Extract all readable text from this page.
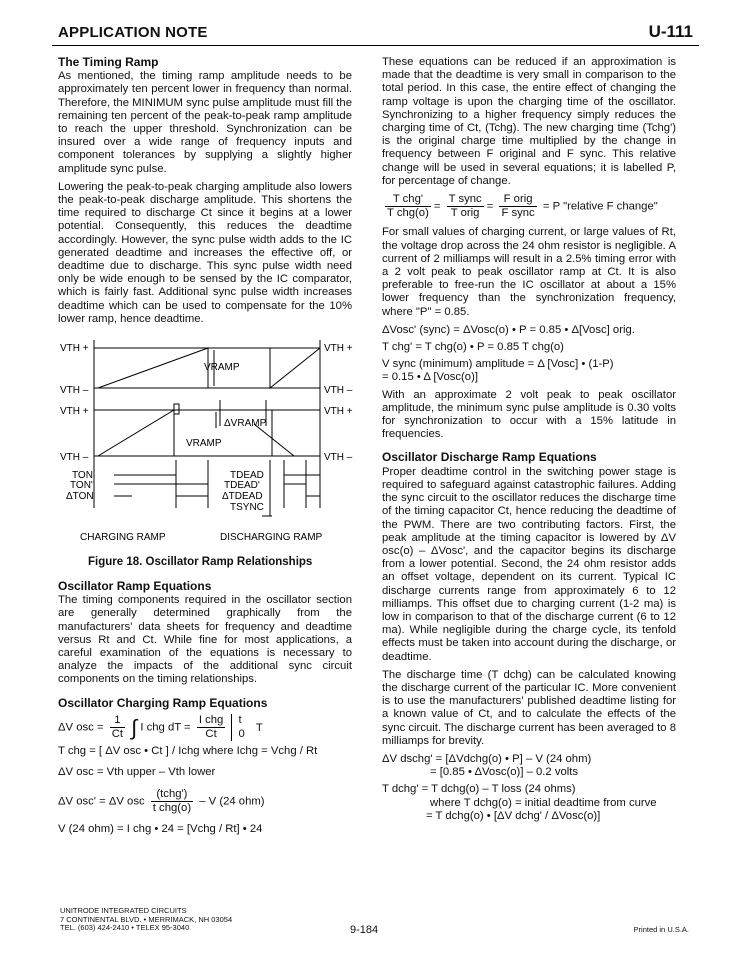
APPLICATION NOTE	U-111
The Timing Ramp

As mentioned, the timing ramp amplitude needs to be approximately ten percent lower in frequency than normal. Therefore, the MINIMUM sync pulse amplitude must fill the remaining ten percent of the peak-to-peak ramp amplitude to reach the upper threshold. Synchronization can be insured over a wide range of frequency inputs and component tolerances by supplying a slightly higher amplitude sync pulse.

Lowering the peak-to-peak charging amplitude also lowers the peak-to-peak discharge amplitude. This shortens the time required to discharge Ct since it begins at a lower potential. Consequently, this reduces the deadtime accordingly. However, the sync pulse width adds to the IC generated deadtime and increases the effective off, or deadtime due to discharge. This sync pulse width need only be wide enough to be sensed by the IC comparator, which is fairly fast. Additional sync pulse width increases deadtime which can be used to compensate for the 10% lower ramp, hence deadtime.

VTH +
VTH –
VTH +
VTH –
VTH +
VTH –
VTH +
VTH –
VRAMP
ΔVRAMP
VRAMP
TON
TON'
ΔTON
TDEAD
TDEAD'
ΔTDEAD
TSYNC
CHARGING RAMP	DISCHARGING RAMP
Figure 18. Oscillator Ramp Relationships
Oscillator Ramp Equations

The timing components required in the oscillator section are generally determined graphically from the manufacturers' data sheets for frequency and deadtime versus Rt and Ct. While fine for most applications, a careful examination of the equations is necessary to analyze the impacts of the additional sync circuit components on the timing relationships.

Oscillator Charging Ramp Equations
ΔV osc = $\frac{1}{Ct}$ ∫ I chg dT = $\frac{\text{I chg}}{Ct}$
t
0
T
T chg = [ ΔV osc • Ct ] / Ichg where Ichg = Vchg / Rt
ΔV osc = Vth upper – Vth lower
ΔV osc' = ΔV osc $\frac{\text{(tchg')}}{\text{t chg(o)}}$ – V (24 ohm)
V (24 ohm) = I chg • 24 = [Vchg / Rt] • 24

These equations can be reduced if an approximation is made that the deadtime is very small in comparison to the total period. In this case, the entire effect of changing the ramp voltage is upon the charging time of the oscillator. Synchronizing to a higher frequency simply reduces the charging time of Ct, (Tchg). The new charging time (Tchg') is the original charge time multiplied by the change in frequency between F original and F sync. This relative change will be used in several equations; it is labelled P, for percentage of change.

$\frac{\text{T chg'}}{\text{T chg(o)}} = \frac{\text{T sync}}{\text{T orig}} = \frac{\text{F orig}}{\text{F sync}} = P$ "relative F change"

For small values of charging current, or large values of Rt, the voltage drop across the 24 ohm resistor is negligible. A current of 2 milliamps will result in a 2.5% timing error with a 2 volt peak to peak oscillator ramp at Ct. It is also preferable to free-run the IC oscillator at about a 15% lower frequency than the synchronization frequency, where "P" = 0.85.

ΔVosc' (sync) = ΔVosc(o) • P = 0.85 • Δ[Vosc] orig.
T chg' = T chg(o) • P = 0.85 T chg(o)
V sync (minimum) amplitude = Δ [Vosc] • (1-P)
= 0.15 • Δ [Vosc(o)]

With an approximate 2 volt peak to peak oscillator amplitude, the minimum sync pulse amplitude is 0.30 volts for synchronization to occur with a 15% latitude in frequencies.

Oscillator Discharge Ramp Equations

Proper deadtime control in the switching power stage is required to safeguard against catastrophic failures. Adding the sync circuit to the oscillator reduces the discharge time of the timing capacitor Ct, hence reducing the deadtime of the PWM. There are two contributing factors. First, the peak amplitude at the timing capacitor is lowered by ΔV osc(o) – ΔVosc', and the capacitor begins its discharge from a lower potential. Second, the 24 ohm resistor adds an offset voltage, dependent on its current. Typical IC discharge currents range from approximately 6 to 12 milliamps. This offset due to charging current (1-2 ma) is low in comparison to that of the discharge current (6 to 12 ma). While negligible during the charge cycle, its tenfold effects must be taken into account during the discharge, or deadtime.

The discharge time (T dchg) can be calculated knowing the discharge current of the particular IC. More convenient is to use the manufacturers' published deadtime listing for a known value of Ct, and to calculate the effects of the sync circuit. The discharge current has been averaged to 8 milliamps for brevity.

ΔV dschg' = [ΔVdchg(o) • P] – V (24 ohm)
= [0.85 • ΔVosc(o)] – 0.2 volts
T dchg' = T dchg(o) – T loss (24 ohms)
where T dchg(o) = initial deadtime from curve
= T dchg(o) • [ΔV dchg' / ΔVosc(o)]
UNITRODE INTEGRATED CIRCUITS
7 CONTINENTAL BLVD. • MERRIMACK, NH 03054
TEL. (603) 424-2410 • TELEX 95-3040	9-184	Printed in U.S.A.
